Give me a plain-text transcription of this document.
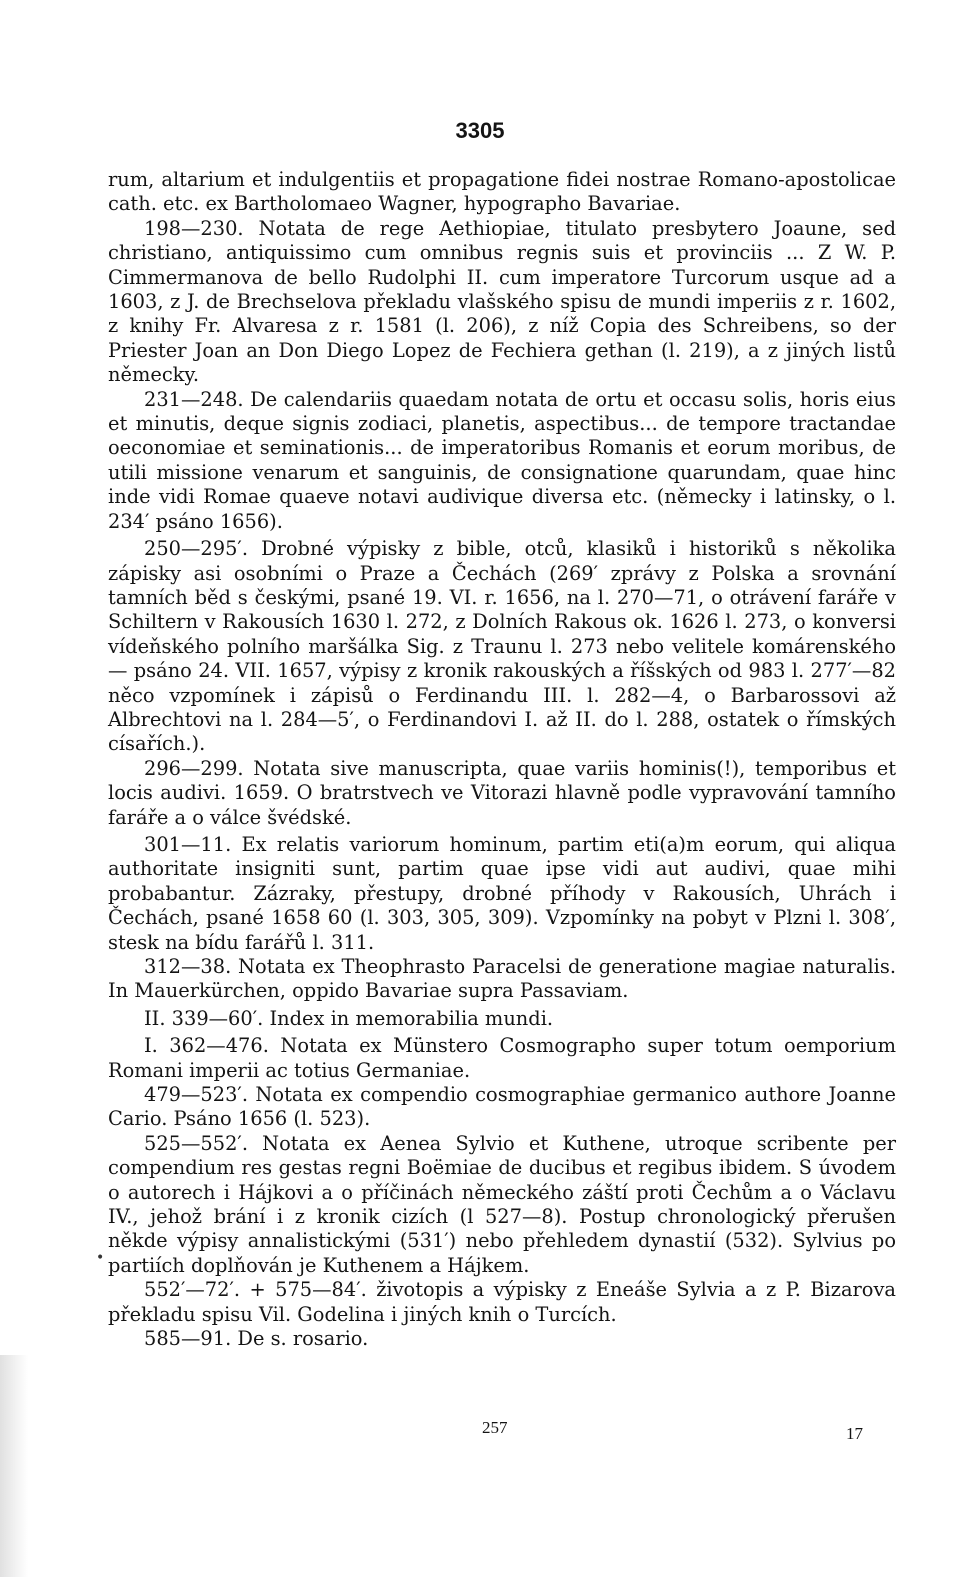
3305

rum, altarium et indulgentiis et propagatione fidei nostrae Romano-apostolicae cath. etc. ex Bartholomaeo Wagner, hypographo Bavariae.

198—230. Notata de rege Aethiopiae, titulato presbytero Joaune, sed christiano, antiquissimo cum omnibus regnis suis et provinciis ... Z W. P. Cimmermanova de bello Rudolphi II. cum imperatore Turcorum usque ad a 1603, z J. de Brechselova překladu vlašského spisu de mundi imperiis z r. 1602, z knihy Fr. Alvaresa z r. 1581 (l. 206), z níž Copia des Schreibens, so der Priester Joan an Don Diego Lopez de Fechiera gethan (l. 219), a z jiných listů německy.

231—248. De calendariis quaedam notata de ortu et occasu solis, horis eius et minutis, deque signis zodiaci, planetis, aspectibus... de tempore tractandae oeconomiae et seminationis... de imperatoribus Romanis et eorum moribus, de utili missione venarum et sanguinis, de consignatione quarundam, quae hinc inde vidi Romae quaeve notavi audivique diversa etc. (německy i latinsky, o l. 234′ psáno 1656).

250—295′. Drobné výpisky z bible, otců, klasiků i historiků s několika zápisky asi osobními o Praze a Čechách (269′ zprávy z Polska a srovnání tamních běd s českými, psané 19. VI. r. 1656, na l. 270—71, o otrávení faráře v Schiltern v Rakousích 1630 l. 272, z Dolních Rakous ok. 1626 l. 273, o konversi vídeňského polního maršálka Sig. z Traunu l. 273 nebo velitele komárenského — psáno 24. VII. 1657, výpisy z kronik rakouských a říšských od 983 l. 277′—82 něco vzpomínek i zápisů o Ferdinandu III. l. 282—4, o Barbarossovi až Albrechtovi na l. 284—5′, o Ferdinandovi I. až II. do l. 288, ostatek o římských císařích.).

296—299. Notata sive manuscripta, quae variis hominis(!), temporibus et locis audivi. 1659. O bratrstvech ve Vitorazi hlavně podle vypravování tamního faráře a o válce švédské.

301—11. Ex relatis variorum hominum, partim eti(a)m eorum, qui aliqua authoritate insigniti sunt, partim quae ipse vidi aut audivi, quae mihi probabantur. Zázraky, přestupy, drobné příhody v Rakousích, Uhrách i Čechách, psané 1658 60 (l. 303, 305, 309). Vzpomínky na pobyt v Plzni l. 308′, stesk na bídu farářů l. 311.

312—38. Notata ex Theophrasto Paracelsi de generatione magiae naturalis. In Mauerkürchen, oppido Bavariae supra Passaviam.

II. 339—60′. Index in memorabilia mundi.

I. 362—476. Notata ex Münstero Cosmographo super totum oemporium Romani imperii ac totius Germaniae.

479—523′. Notata ex compendio cosmographiae germanico authore Joanne Cario. Psáno 1656 (l. 523).

525—552′. Notata ex Aenea Sylvio et Kuthene, utroque scribente per compendium res gestas regni Boëmiae de ducibus et regibus ibidem. S úvodem o autorech i Hájkovi a o příčinách německého záští proti Čechům a o Václavu IV., jehož brání i z kronik cizích (l 527—8). Postup chronologický přerušen někde výpisy annalistickými (531′) nebo přehledem dynastií (532). Sylvius po partiích doplňován je Kuthenem a Hájkem.

552′—72′. + 575—84′. životopis a výpisky z Eneáše Sylvia a z P. Bizarova překladu spisu Vil. Godelina i jiných knih o Turcích.

585—91. De s. rosario.

•
257	17
